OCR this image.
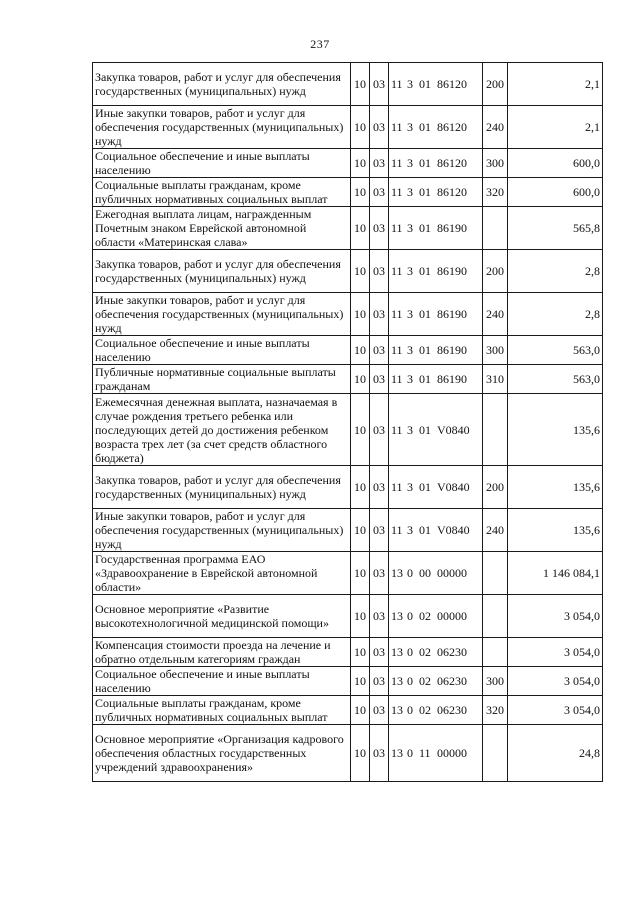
237
Закупка товаров, работ и услуг для обеспечения государственных (муниципальных) нужд	10	03	11 3 01 86120	200	2,1
Иные закупки товаров, работ и услуг для обеспечения государственных (муниципальных) нужд	10	03	11 3 01 86120	240	2,1
Социальное обеспечение и иные выплаты населению	10	03	11 3 01 86120	300	600,0
Социальные выплаты гражданам, кроме публичных нормативных социальных выплат	10	03	11 3 01 86120	320	600,0
Ежегодная выплата лицам, награжденным Почетным знаком Еврейской автономной области «Материнская слава»	10	03	11 3 01 86190		565,8
Закупка товаров, работ и услуг для обеспечения государственных (муниципальных) нужд	10	03	11 3 01 86190	200	2,8
Иные закупки товаров, работ и услуг для обеспечения государственных (муниципальных) нужд	10	03	11 3 01 86190	240	2,8
Социальное обеспечение и иные выплаты населению	10	03	11 3 01 86190	300	563,0
Публичные нормативные социальные выплаты гражданам	10	03	11 3 01 86190	310	563,0
Ежемесячная денежная выплата, назначаемая в случае рождения третьего ребенка или последующих детей до достижения ребенком возраста трех лет (за счет средств областного бюджета)	10	03	11 3 01 V0840		135,6
Закупка товаров, работ и услуг для обеспечения государственных (муниципальных) нужд	10	03	11 3 01 V0840	200	135,6
Иные закупки товаров, работ и услуг для обеспечения государственных (муниципальных) нужд	10	03	11 3 01 V0840	240	135,6
Государственная программа ЕАО «Здравоохранение в Еврейской автономной области»	10	03	13 0 00 00000		1 146 084,1
Основное мероприятие «Развитие высокотехнологичной медицинской помощи»	10	03	13 0 02 00000		3 054,0
Компенсация стоимости проезда на лечение и обратно отдельным категориям граждан	10	03	13 0 02 06230		3 054,0
Социальное обеспечение и иные выплаты населению	10	03	13 0 02 06230	300	3 054,0
Социальные выплаты гражданам, кроме публичных нормативных социальных выплат	10	03	13 0 02 06230	320	3 054,0
Основное мероприятие «Организация кадрового обеспечения областных государственных учреждений здравоохранения»	10	03	13 0 11 00000		24,8
